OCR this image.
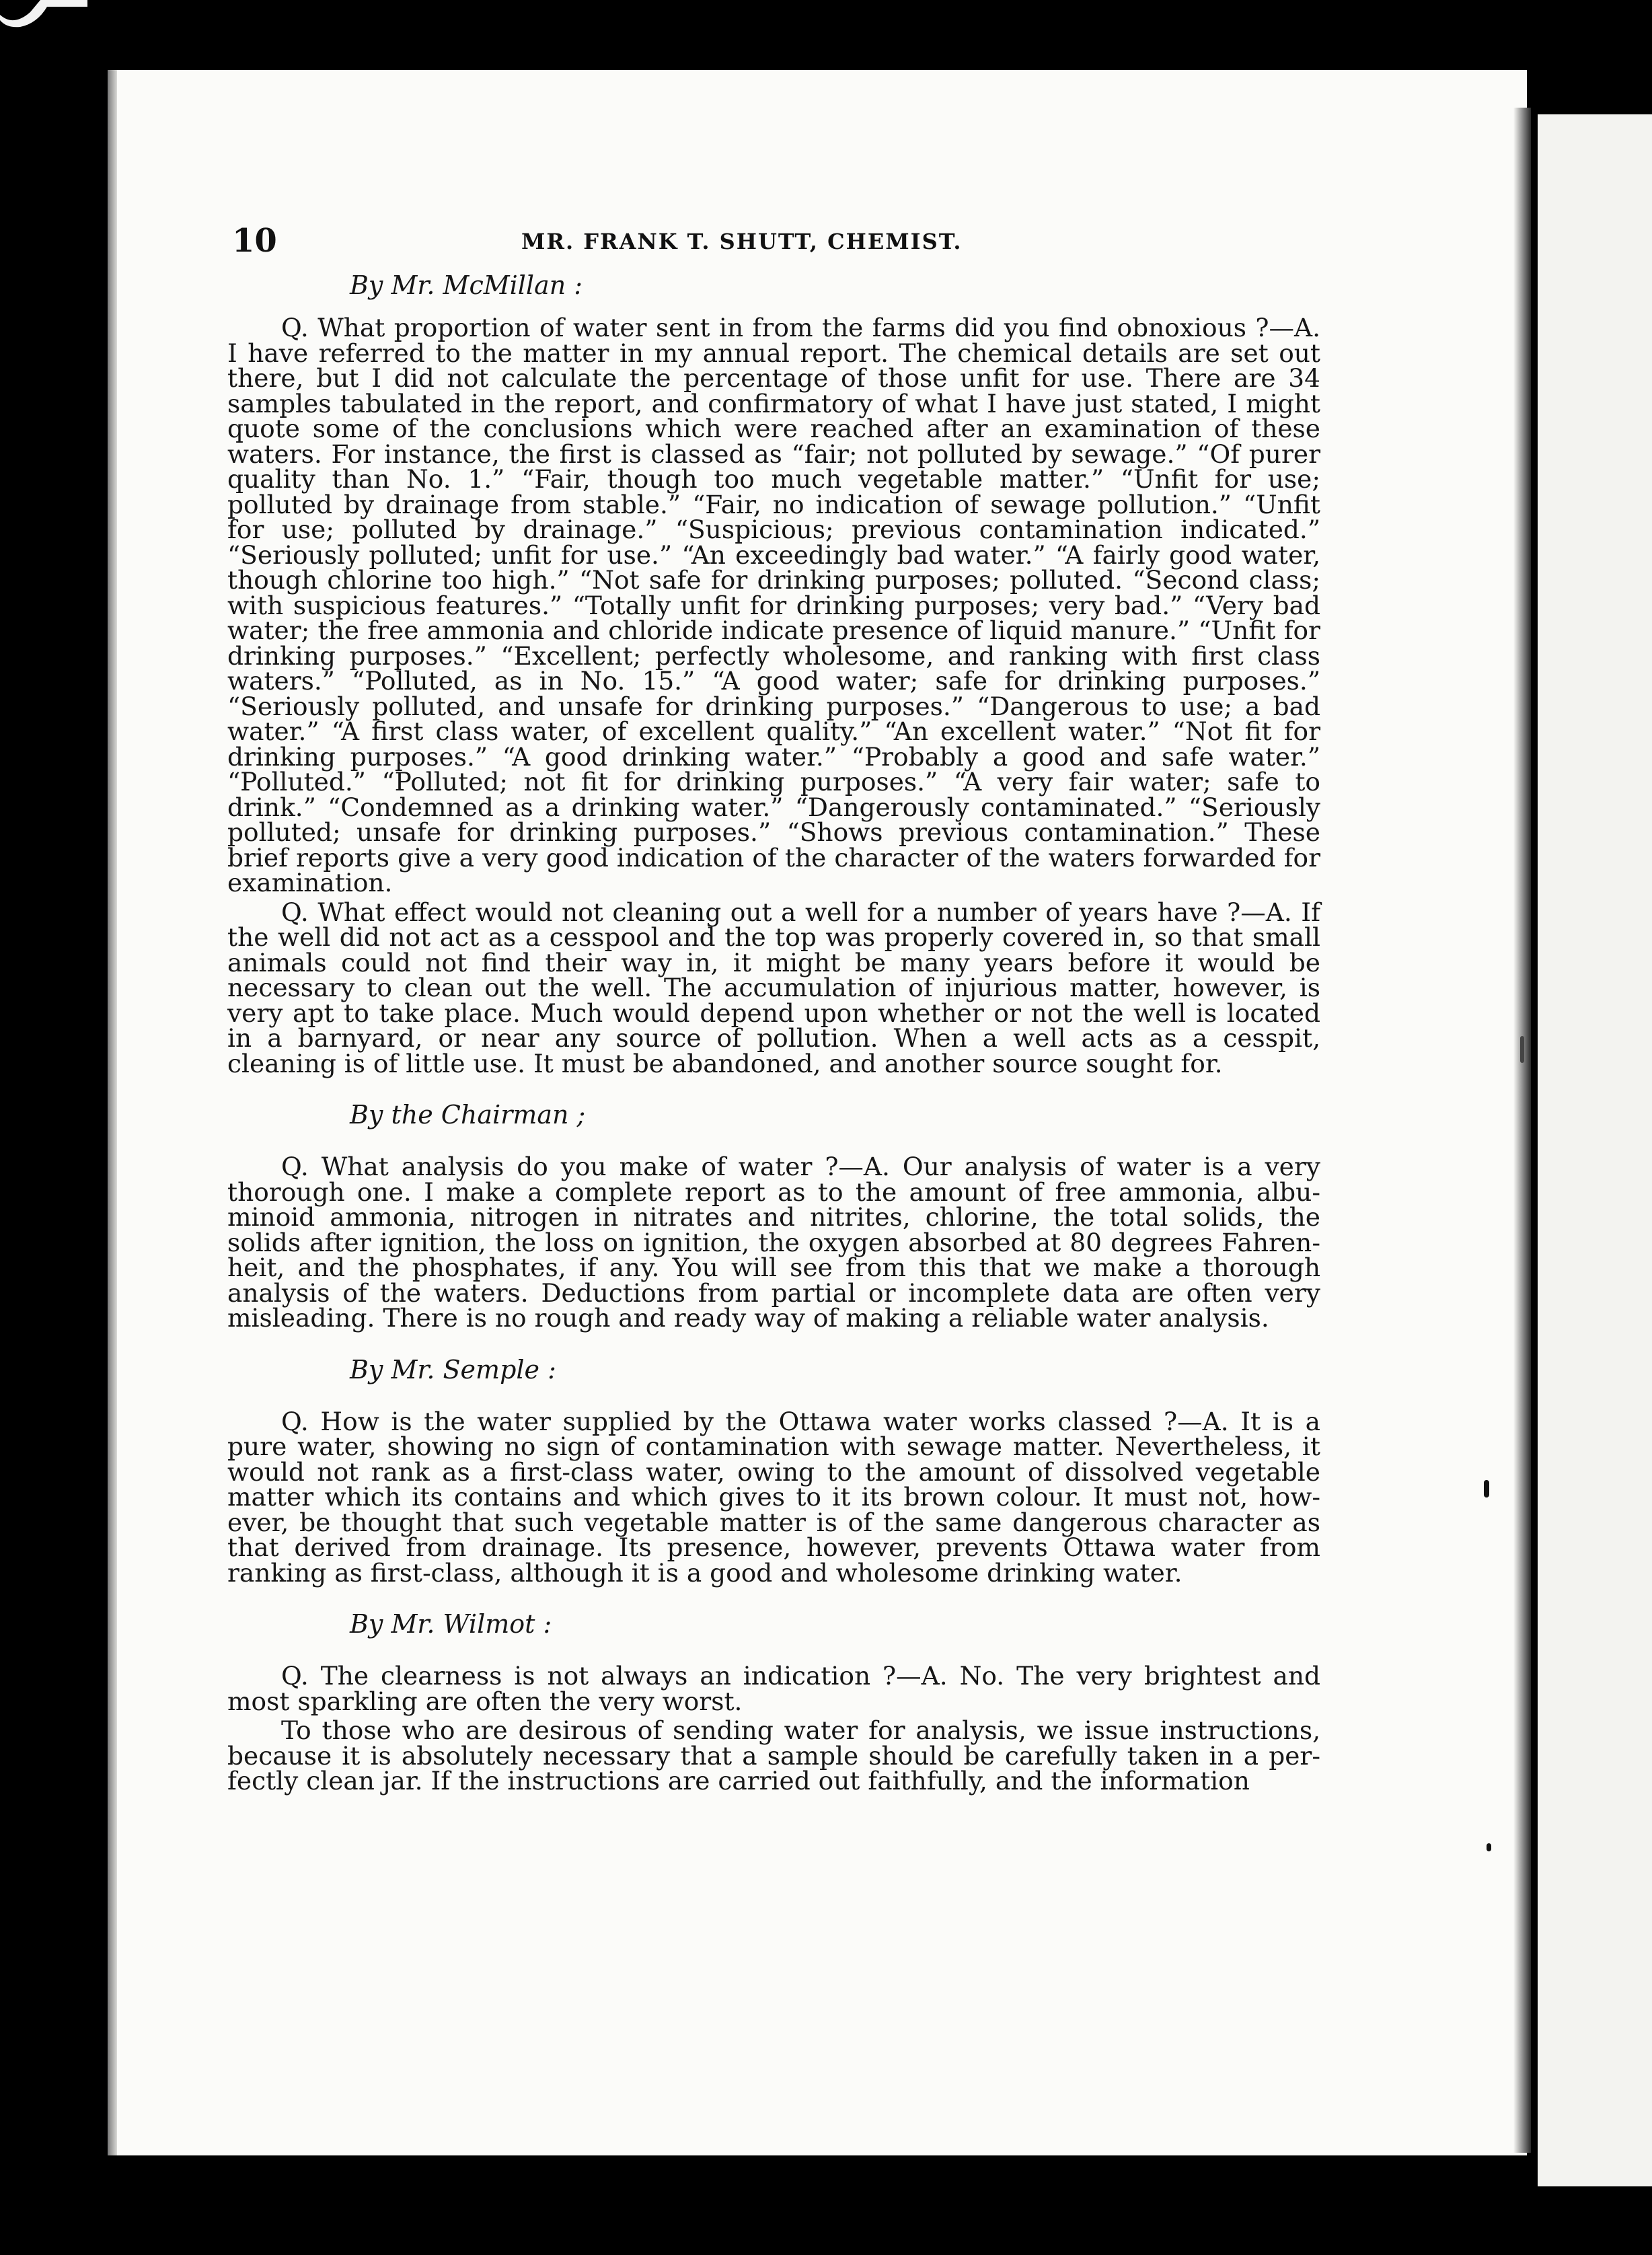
10	MR. FRANK T. SHUTT, CHEMIST.
By Mr. McMillan :

Q. What proportion of water sent in from the farms did you find obnoxious ?—A. I have referred to the matter in my annual report. The chemical details are set out there, but I did not calculate the percentage of those unfit for use. There are 34 samples tabulated in the report, and confirmatory of what I have just stated, I might quote some of the conclusions which were reached after an examination of these waters. For instance, the first is classed as “fair; not polluted by sewage.” “Of purer quality than No. 1.” “Fair, though too much vegetable matter.” “Unfit for use; polluted by drainage from stable.” “Fair, no indication of sewage pollution.” “Unfit for use; polluted by drainage.” “Suspicious; previous contamination indicated.” “Seriously polluted; unfit for use.” “An exceedingly bad water.” “A fairly good water, though chlorine too high.” “Not safe for drinking purposes; polluted. “Second class; with suspicious features.” “Totally unfit for drinking purposes; very bad.” “Very bad water; the free ammonia and chloride indicate presence of liquid manure.” “Unfit for drinking purposes.” “Excellent; perfectly wholesome, and ranking with first class waters.” “Polluted, as in No. 15.” “A good water; safe for drinking purposes.” “Seriously polluted, and unsafe for drinking purposes.” “Dangerous to use; a bad water.” “A first class water, of excellent quality.” “An excellent water.” “Not fit for drinking purposes.” “A good drinking water.” “Probably a good and safe water.” “Polluted.” “Polluted; not fit for drinking purposes.” “A very fair water; safe to drink.” “Condemned as a drinking water.” “Dangerously contaminated.” “Seriously polluted; unsafe for drinking purposes.” “Shows previous contamination.” These brief reports give a very good indication of the character of the waters forwarded for examination.

Q. What effect would not cleaning out a well for a number of years have ?—A. If the well did not act as a cesspool and the top was properly covered in, so that small animals could not find their way in, it might be many years before it would be necessary to clean out the well. The accumulation of injurious matter, however, is very apt to take place. Much would depend upon whether or not the well is located in a barnyard, or near any source of pollution. When a well acts as a cesspit, cleaning is of little use. It must be abandoned, and another source sought for.

By the Chairman ;

Q. What analysis do you make of water ?—A. Our analysis of water is a very thorough one. I make a complete report as to the amount of free ammonia, albuminoid ammonia, nitrogen in nitrates and nitrites, chlorine, the total solids, the solids after ignition, the loss on ignition, the oxygen absorbed at 80 degrees Fahrenheit, and the phosphates, if any. You will see from this that we make a thorough analysis of the waters. Deductions from partial or incomplete data are often very misleading. There is no rough and ready way of making a reliable water analysis.

By Mr. Semple :

Q. How is the water supplied by the Ottawa water works classed ?—A. It is a pure water, showing no sign of contamination with sewage matter. Nevertheless, it would not rank as a first-class water, owing to the amount of dissolved vegetable matter which its contains and which gives to it its brown colour. It must not, however, be thought that such vegetable matter is of the same dangerous character as that derived from drainage. Its presence, however, prevents Ottawa water from ranking as first-class, although it is a good and wholesome drinking water.

By Mr. Wilmot :

Q. The clearness is not always an indication ?—A. No. The very brightest and most sparkling are often the very worst.

To those who are desirous of sending water for analysis, we issue instructions, because it is absolutely necessary that a sample should be carefully taken in a perfectly clean jar. If the instructions are carried out faithfully, and the information
